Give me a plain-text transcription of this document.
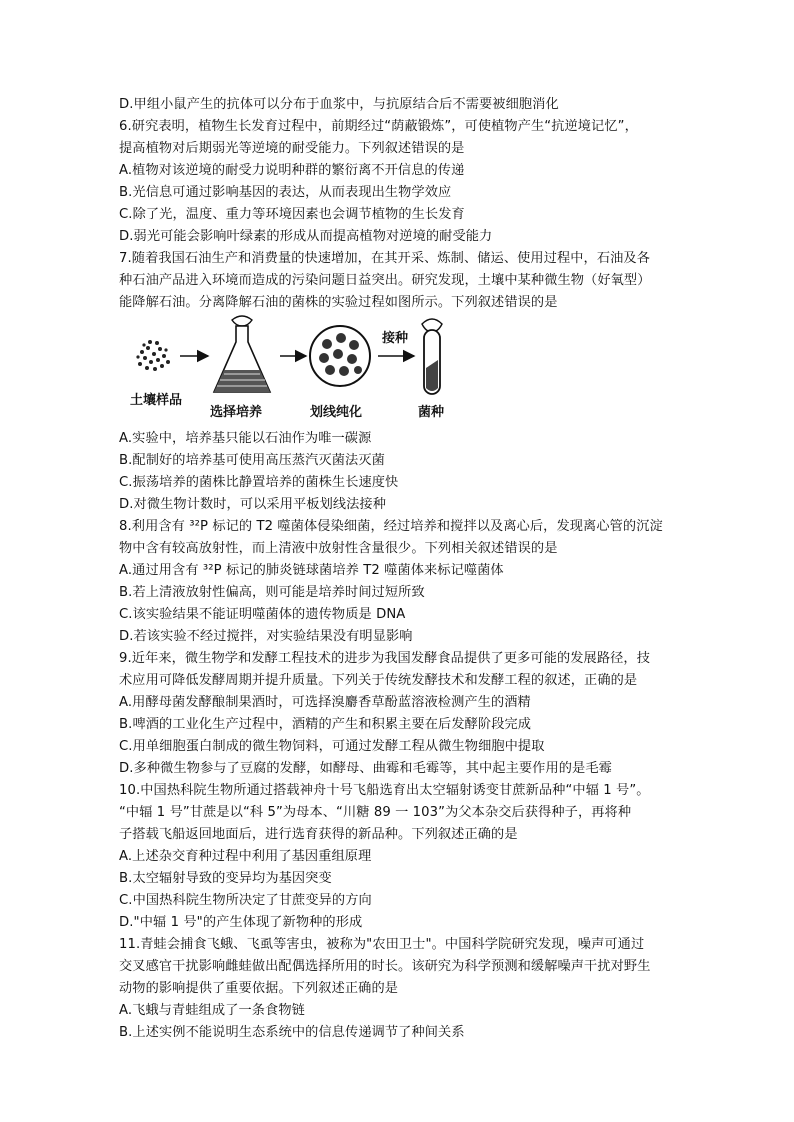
D.甲组小鼠产生的抗体可以分布于血浆中，与抗原结合后不需要被细胞消化
6.研究表明，植物生长发育过程中，前期经过“荫蔽锻炼”，可使植物产生“抗逆境记忆”，
提高植物对后期弱光等逆境的耐受能力。下列叙述错误的是
A.植物对该逆境的耐受力说明种群的繁衍离不开信息的传递
B.光信息可通过影响基因的表达，从而表现出生物学效应
C.除了光，温度、重力等环境因素也会调节植物的生长发育
D.弱光可能会影响叶绿素的形成从而提高植物对逆境的耐受能力
7.随着我国石油生产和消费量的快速增加，在其开采、炼制、储运、使用过程中，石油及各
种石油产品进入环境而造成的污染问题日益突出。研究发现，土壤中某种微生物（好氧型）
能降解石油。分离降解石油的菌株的实验过程如图所示。下列叙述错误的是
接种
土壤样品
选择培养	划线纯化	菌种
A.实验中，培养基只能以石油作为唯一碳源
B.配制好的培养基可使用高压蒸汽灭菌法灭菌
C.振荡培养的菌株比静置培养的菌株生长速度快
D.对微生物计数时，可以采用平板划线法接种
8.利用含有 ³²P 标记的 T2 噬菌体侵染细菌，经过培养和搅拌以及离心后，发现离心管的沉淀
物中含有较高放射性，而上清液中放射性含量很少。下列相关叙述错误的是
A.通过用含有 ³²P 标记的肺炎链球菌培养 T2 噬菌体来标记噬菌体
B.若上清液放射性偏高，则可能是培养时间过短所致
C.该实验结果不能证明噬菌体的遗传物质是 DNA
D.若该实验不经过搅拌，对实验结果没有明显影响
9.近年来，微生物学和发酵工程技术的进步为我国发酵食品提供了更多可能的发展路径，技
术应用可降低发酵周期并提升质量。下列关于传统发酵技术和发酵工程的叙述，正确的是
A.用酵母菌发酵酿制果酒时，可选择溴麝香草酚蓝溶液检测产生的酒精
B.啤酒的工业化生产过程中，酒精的产生和积累主要在后发酵阶段完成
C.用单细胞蛋白制成的微生物饲料，可通过发酵工程从微生物细胞中提取
D.多种微生物参与了豆腐的发酵，如酵母、曲霉和毛霉等，其中起主要作用的是毛霉
10.中国热科院生物所通过搭载神舟十号飞船选育出太空辐射诱变甘蔗新品种“中辐 1 号”。
“中辐 1 号”甘蔗是以“科 5”为母本、“川糖 89 一 103”为父本杂交后获得种子，再将种
子搭载飞船返回地面后，进行选育获得的新品种。下列叙述正确的是
A.上述杂交育种过程中利用了基因重组原理
B.太空辐射导致的变异均为基因突变
C.中国热科院生物所决定了甘蔗变异的方向
D."中辐 1 号"的产生体现了新物种的形成
11.青蛙会捕食飞蛾、飞虱等害虫，被称为"农田卫士"。中国科学院研究发现，噪声可通过
交叉感官干扰影响雌蛙做出配偶选择所用的时长。该研究为科学预测和缓解噪声干扰对野生
动物的影响提供了重要依据。下列叙述正确的是
A.飞蛾与青蛙组成了一条食物链
B.上述实例不能说明生态系统中的信息传递调节了种间关系
